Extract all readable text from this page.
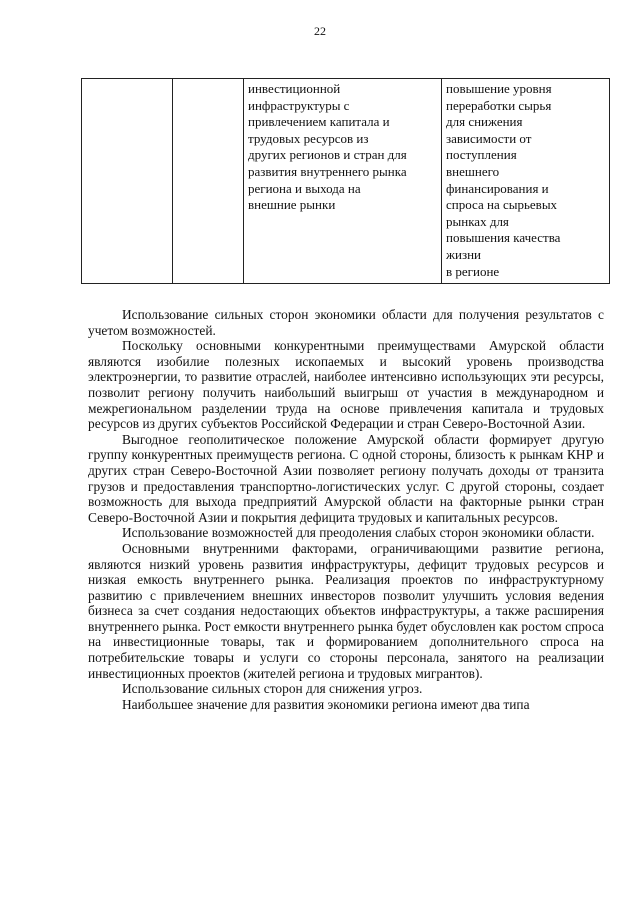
22
		инвестиционной
инфраструктуры с
привлечением капитала и
трудовых ресурсов из
других регионов и стран для
развития внутреннего рынка
региона и выхода на
внешние рынки	повышение уровня
переработки сырья
для снижения
зависимости от
поступления
внешнего
финансирования и
спроса на сырьевых
рынках для
повышения качества
жизни
в регионе

Использование сильных сторон экономики области для получения результатов с учетом возможностей.

Поскольку основными конкурентными преимуществами Амурской области являются изобилие полезных ископаемых и высокий уровень производства электроэнергии, то развитие отраслей, наиболее интенсивно использующих эти ресурсы, позволит региону получить наибольший выигрыш от участия в международном и межрегиональном разделении труда на основе привлечения капитала и трудовых ресурсов из других субъектов Российской Федерации и стран Северо-Восточной Азии.

Выгодное геополитическое положение Амурской области формирует другую группу конкурентных преимуществ региона. С одной стороны, близость к рынкам КНР и других стран Северо-Восточной Азии позволяет региону получать доходы от транзита грузов и предоставления транспортно-логистических услуг. С другой стороны, создает возможность для выхода предприятий Амурской области на факторные рынки стран Северо-Восточной Азии и покрытия дефицита трудовых и капитальных ресурсов.

Использование возможностей для преодоления слабых сторон экономики области.

Основными внутренними факторами, ограничивающими развитие региона, являются низкий уровень развития инфраструктуры, дефицит трудовых ресурсов и низкая емкость внутреннего рынка. Реализация проектов по инфраструктурному развитию с привлечением внешних инвесторов позволит улучшить условия ведения бизнеса за счет создания недостающих объектов инфраструктуры, а также расширения внутреннего рынка. Рост емкости внутреннего рынка будет обусловлен как ростом спроса на инвестиционные товары, так и формированием дополнительного спроса на потребительские товары и услуги со стороны персонала, занятого на реализации инвестиционных проектов (жителей региона и трудовых мигрантов).

Использование сильных сторон для снижения угроз.

Наибольшее значение для развития экономики региона имеют два типа
